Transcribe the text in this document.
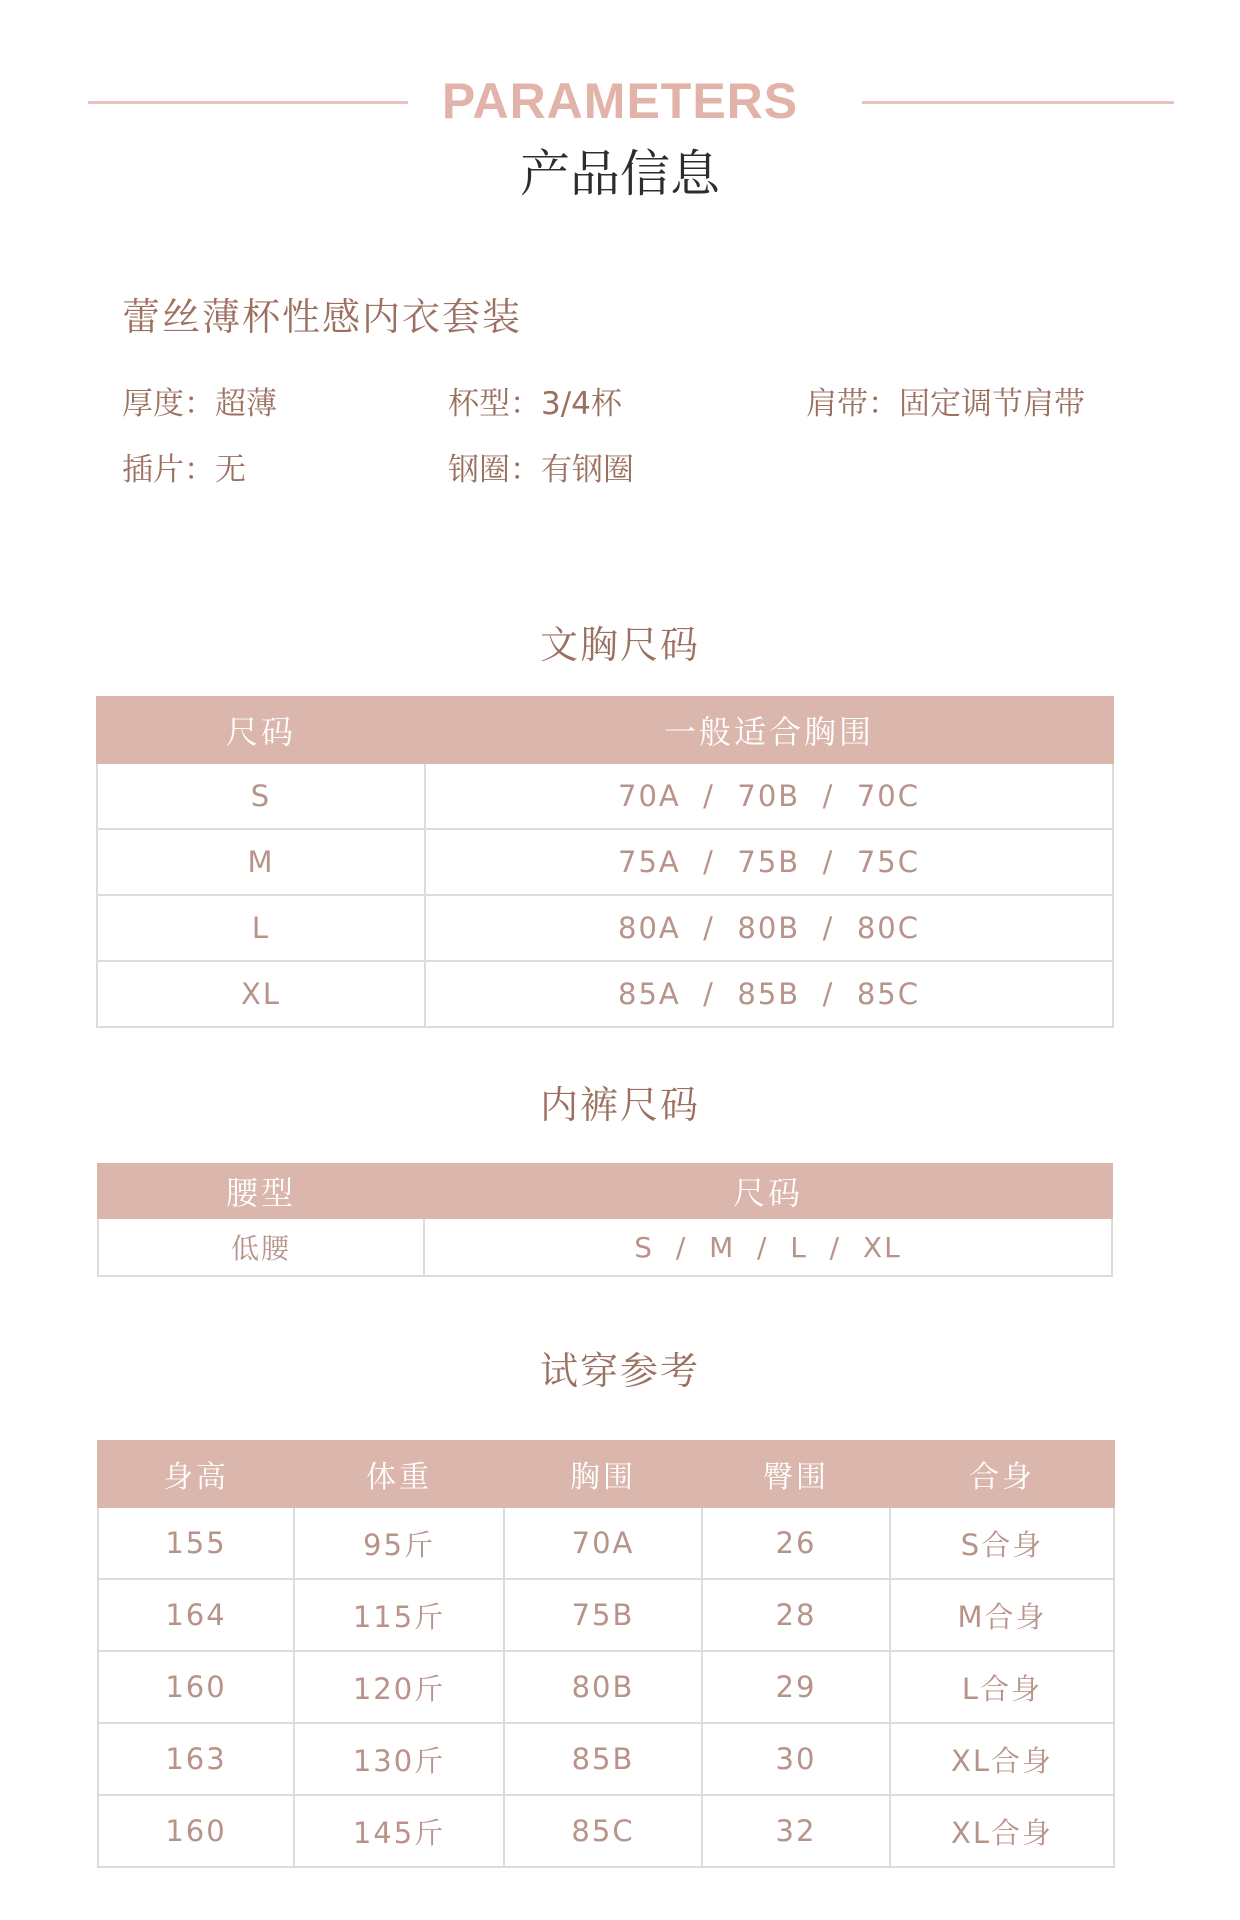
PARAMETERS
产品信息
蕾丝薄杯性感内衣套装
厚度：超薄	杯型：3/4杯	肩带：固定调节肩带
插片：无	钢圈：有钢圈
文胸尺码
尺码	一般适合胸围
S	70A  /  70B  /  70C
M	75A  /  75B  /  75C
L	80A  /  80B  /  80C
XL	85A  /  85B  /  85C
内裤尺码
腰型	尺码
低腰	S  /  M  /  L  /  XL
试穿参考
身高	体重	胸围	臀围	合身
155	95斤	70A	26	S合身
164	115斤	75B	28	M合身
160	120斤	80B	29	L合身
163	130斤	85B	30	XL合身
160	145斤	85C	32	XL合身
